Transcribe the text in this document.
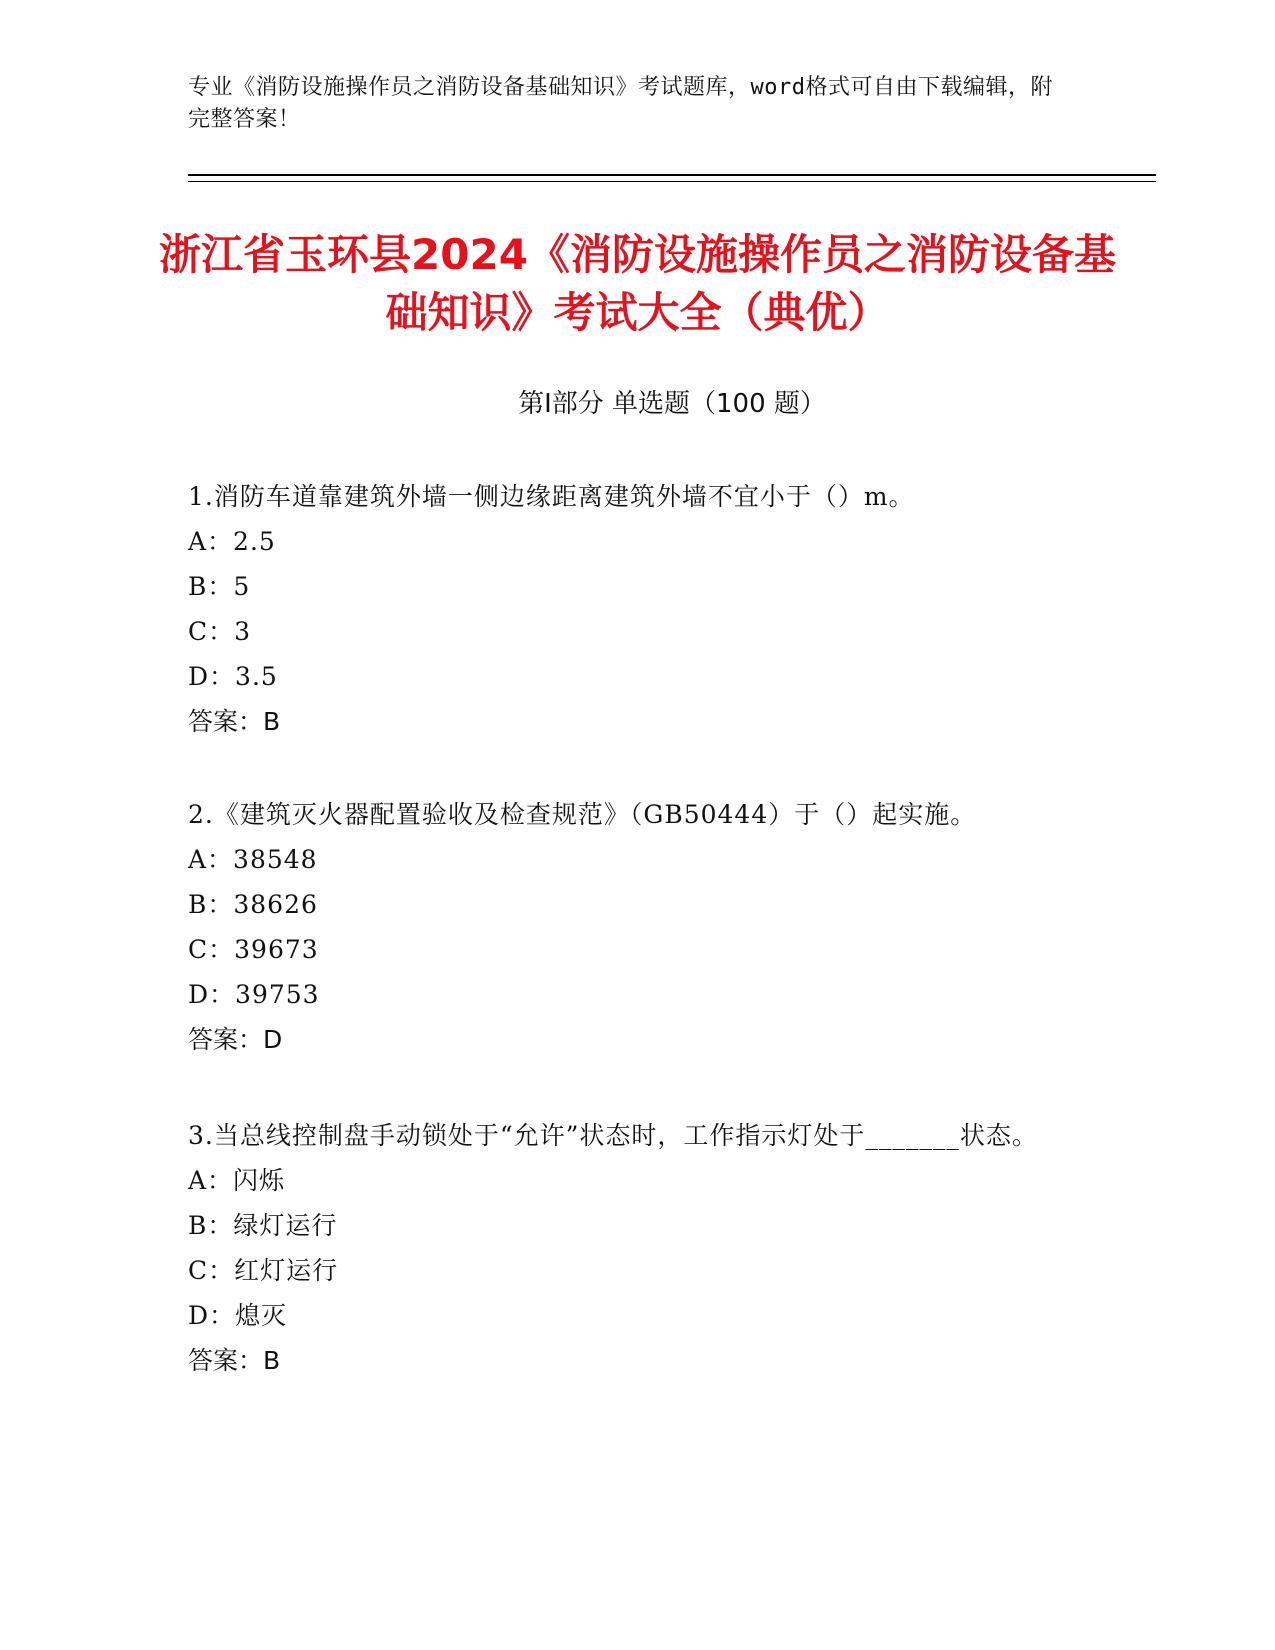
专业《消防设施操作员之消防设备基础知识》考试题库，word格式可自由下载编辑，附完整答案！
浙江省玉环县2024《消防设施操作员之消防设备基础知识》考试大全（典优）
第Ⅰ部分 单选题（100 题）
1.消防车道靠建筑外墙一侧边缘距离建筑外墙不宜小于（）m。
A：2.5
B：5
C：3
D：3.5
答案：B
2.《建筑灭火器配置验收及检查规范》（GB50444）于（）起实施。
A：38548
B：38626
C：39673
D：39753
答案：D
3.当总线控制盘手动锁处于“允许”状态时，工作指示灯处于_______状态。
A：闪烁
B：绿灯运行
C：红灯运行
D：熄灭
答案：B
